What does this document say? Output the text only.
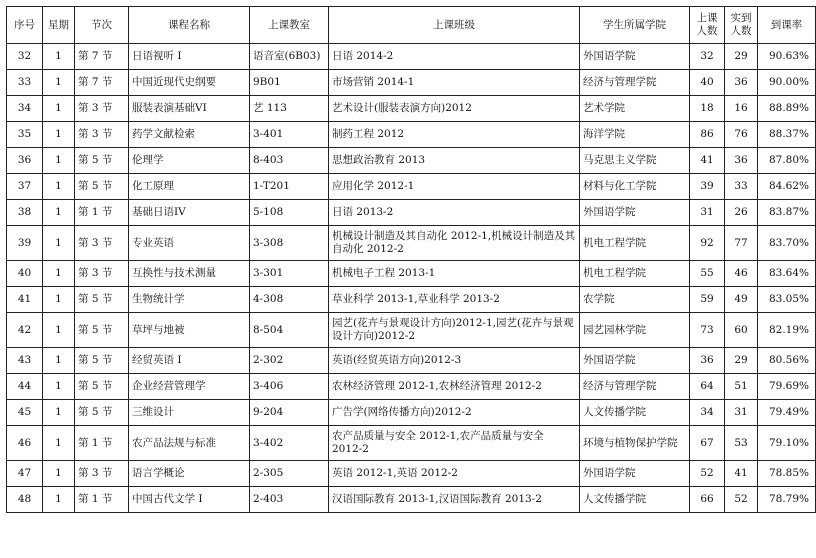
序号	星期	节次	课程名称	上课教室	上课班级	学生所属学院	上课人数	实到人数	到课率
32	1	第 7 节	日语视听 I	语音室(6B03)	日语 2014-2	外国语学院	32	29	90.63%
33	1	第 7 节	中国近现代史纲要	9B01	市场营销 2014-1	经济与管理学院	40	36	90.00%
34	1	第 3 节	服装表演基础VI	艺 113	艺术设计(服装表演方向)2012	艺术学院	18	16	88.89%
35	1	第 3 节	药学文献检索	3-401	制药工程 2012	海洋学院	86	76	88.37%
36	1	第 5 节	伦理学	8-403	思想政治教育 2013	马克思主义学院	41	36	87.80%
37	1	第 5 节	化工原理	1-T201	应用化学 2012-1	材料与化工学院	39	33	84.62%
38	1	第 1 节	基础日语IV	5-108	日语 2013-2	外国语学院	31	26	83.87%
39	1	第 3 节	专业英语	3-308	机械设计制造及其自动化 2012-1,机械设计制造及其自动化 2012-2	机电工程学院	92	77	83.70%
40	1	第 3 节	互换性与技术测量	3-301	机械电子工程 2013-1	机电工程学院	55	46	83.64%
41	1	第 5 节	生物统计学	4-308	草业科学 2013-1,草业科学 2013-2	农学院	59	49	83.05%
42	1	第 5 节	草坪与地被	8-504	园艺(花卉与景观设计方向)2012-1,园艺(花卉与景观设计方向)2012-2	园艺园林学院	73	60	82.19%
43	1	第 5 节	经贸英语 I	2-302	英语(经贸英语方向)2012-3	外国语学院	36	29	80.56%
44	1	第 5 节	企业经营管理学	3-406	农林经济管理 2012-1,农林经济管理 2012-2	经济与管理学院	64	51	79.69%
45	1	第 5 节	三维设计	9-204	广告学(网络传播方向)2012-2	人文传播学院	34	31	79.49%
46	1	第 1 节	农产品法规与标准	3-402	农产品质量与安全 2012-1,农产品质量与安全 2012-2	环境与植物保护学院	67	53	79.10%
47	1	第 3 节	语言学概论	2-305	英语 2012-1,英语 2012-2	外国语学院	52	41	78.85%
48	1	第 1 节	中国古代文学 I	2-403	汉语国际教育 2013-1,汉语国际教育 2013-2	人文传播学院	66	52	78.79%
